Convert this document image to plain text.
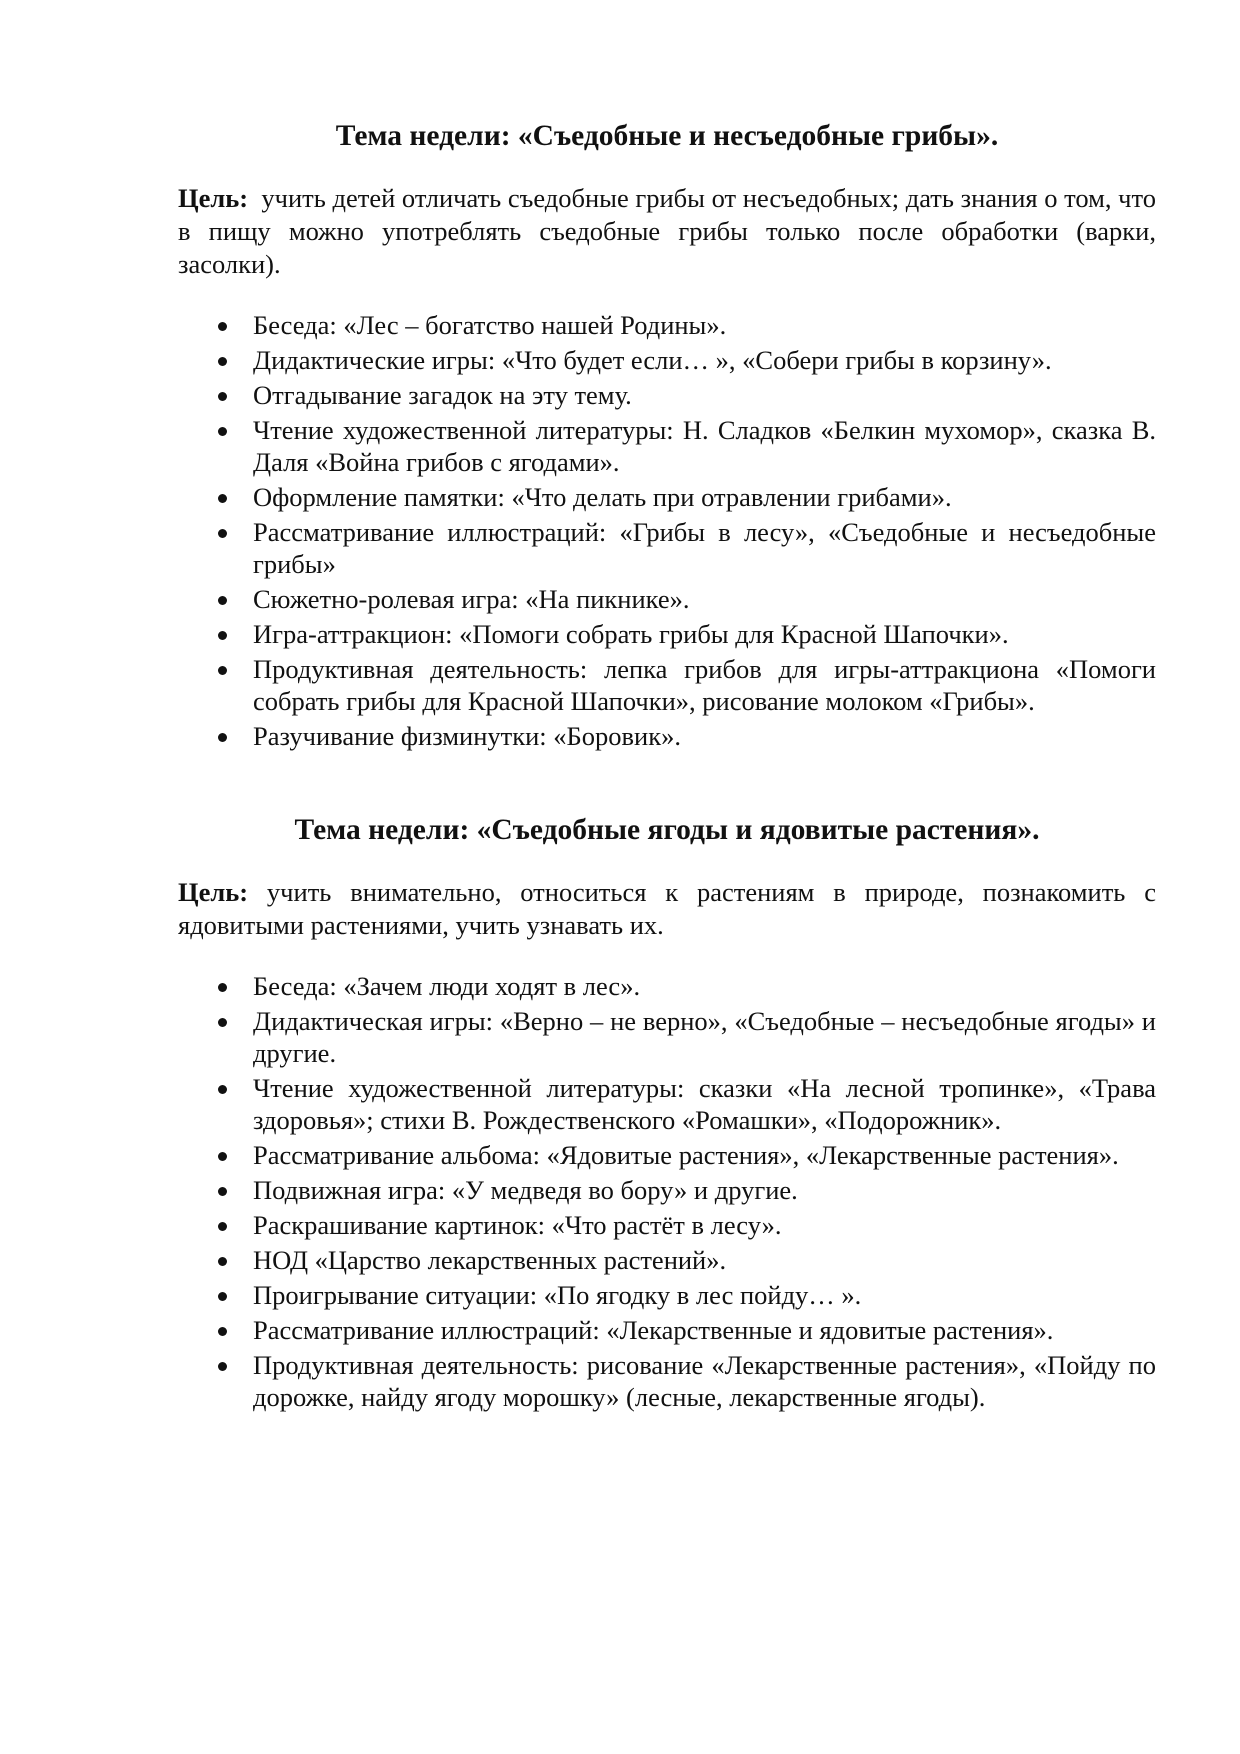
Тема недели: «Съедобные и несъедобные грибы».

Цель:  учить детей отличать съедобные грибы от несъедобных; дать знания о том, что в пищу можно употреблять съедобные грибы только после обработки (варки, засолки).

Беседа: «Лес – богатство нашей Родины».
Дидактические игры: «Что будет если… », «Собери грибы в корзину».
Отгадывание загадок на эту тему.
Чтение художественной литературы: Н. Сладков «Белкин мухомор», сказка В. Даля «Война грибов с ягодами».
Оформление памятки: «Что делать при отравлении грибами».
Рассматривание иллюстраций: «Грибы в лесу», «Съедобные и несъедобные грибы»
Сюжетно-ролевая игра: «На пикнике».
Игра-аттракцион: «Помоги собрать грибы для Красной Шапочки».
Продуктивная деятельность: лепка грибов для игры-аттракциона «Помоги собрать грибы для Красной Шапочки», рисование молоком «Грибы».
Разучивание физминутки: «Боровик».
Тема недели: «Съедобные ягоды и ядовитые растения».

Цель: учить внимательно, относиться к растениям в природе, познакомить с ядовитыми растениями, учить узнавать их.

Беседа: «Зачем люди ходят в лес».
Дидактическая игры: «Верно – не верно», «Съедобные – несъедобные ягоды» и другие.
Чтение художественной литературы: сказки «На лесной тропинке», «Трава здоровья»; стихи В. Рождественского «Ромашки», «Подорожник».
Рассматривание альбома: «Ядовитые растения», «Лекарственные растения».
Подвижная игра: «У медведя во бору» и другие.
Раскрашивание картинок: «Что растёт в лесу».
НОД «Царство лекарственных растений».
Проигрывание ситуации: «По ягодку в лес пойду… ».
Рассматривание иллюстраций: «Лекарственные и ядовитые растения».
Продуктивная деятельность: рисование «Лекарственные растения», «Пойду по дорожке, найду ягоду морошку» (лесные, лекарственные ягоды).
